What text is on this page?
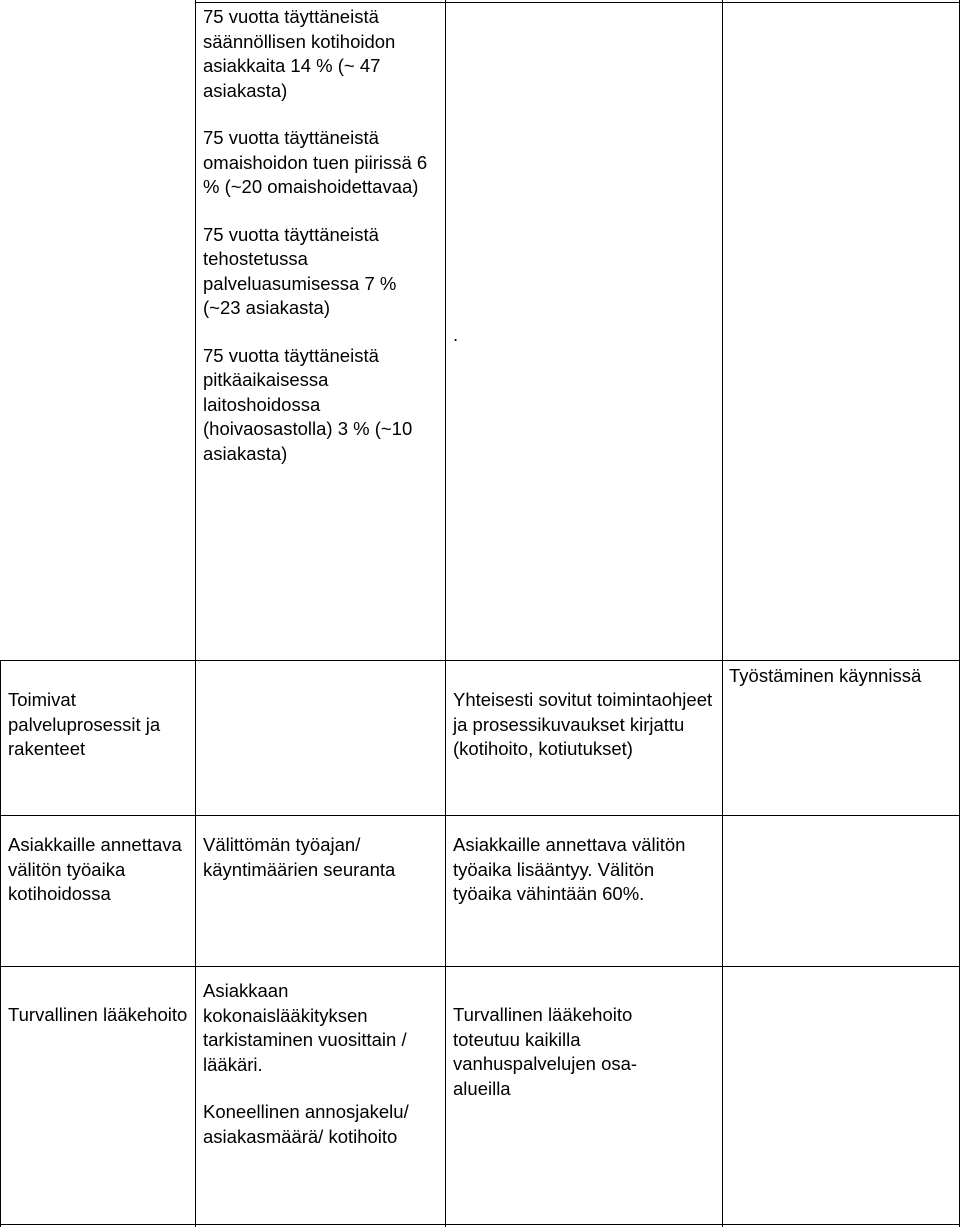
75 vuotta täyttäneistä säännöllisen kotihoidon asiakkaita 14 % (~ 47 asiakasta)

75 vuotta täyttäneistä omaishoidon tuen piirissä 6 % (~20 omaishoidettavaa)

75 vuotta täyttäneistä tehostetussa palveluasumisessa 7 % (~23 asiakasta)

75 vuotta täyttäneistä pitkäaikaisessa laitoshoidossa (hoivaosastolla) 3 % (~10 asiakasta)

.

Toimivat palveluprosessit ja rakenteet

Yhteisesti sovitut toimintaohjeet ja prosessikuvaukset kirjattu (kotihoito, kotiutukset)

Työstäminen käynnissä

Asiakkaille annettava välitön työaika kotihoidossa

Välittömän työajan/ käyntimäärien seuranta

Asiakkaille annettava välitön työaika lisääntyy. Välitön työaika vähintään 60%.

Turvallinen lääkehoito

Asiakkaan kokonaislääkityksen tarkistaminen vuosittain / lääkäri.

Koneellinen annosjakelu/ asiakasmäärä/ kotihoito

Turvallinen lääkehoito toteutuu kaikilla vanhuspalvelujen osa-alueilla
